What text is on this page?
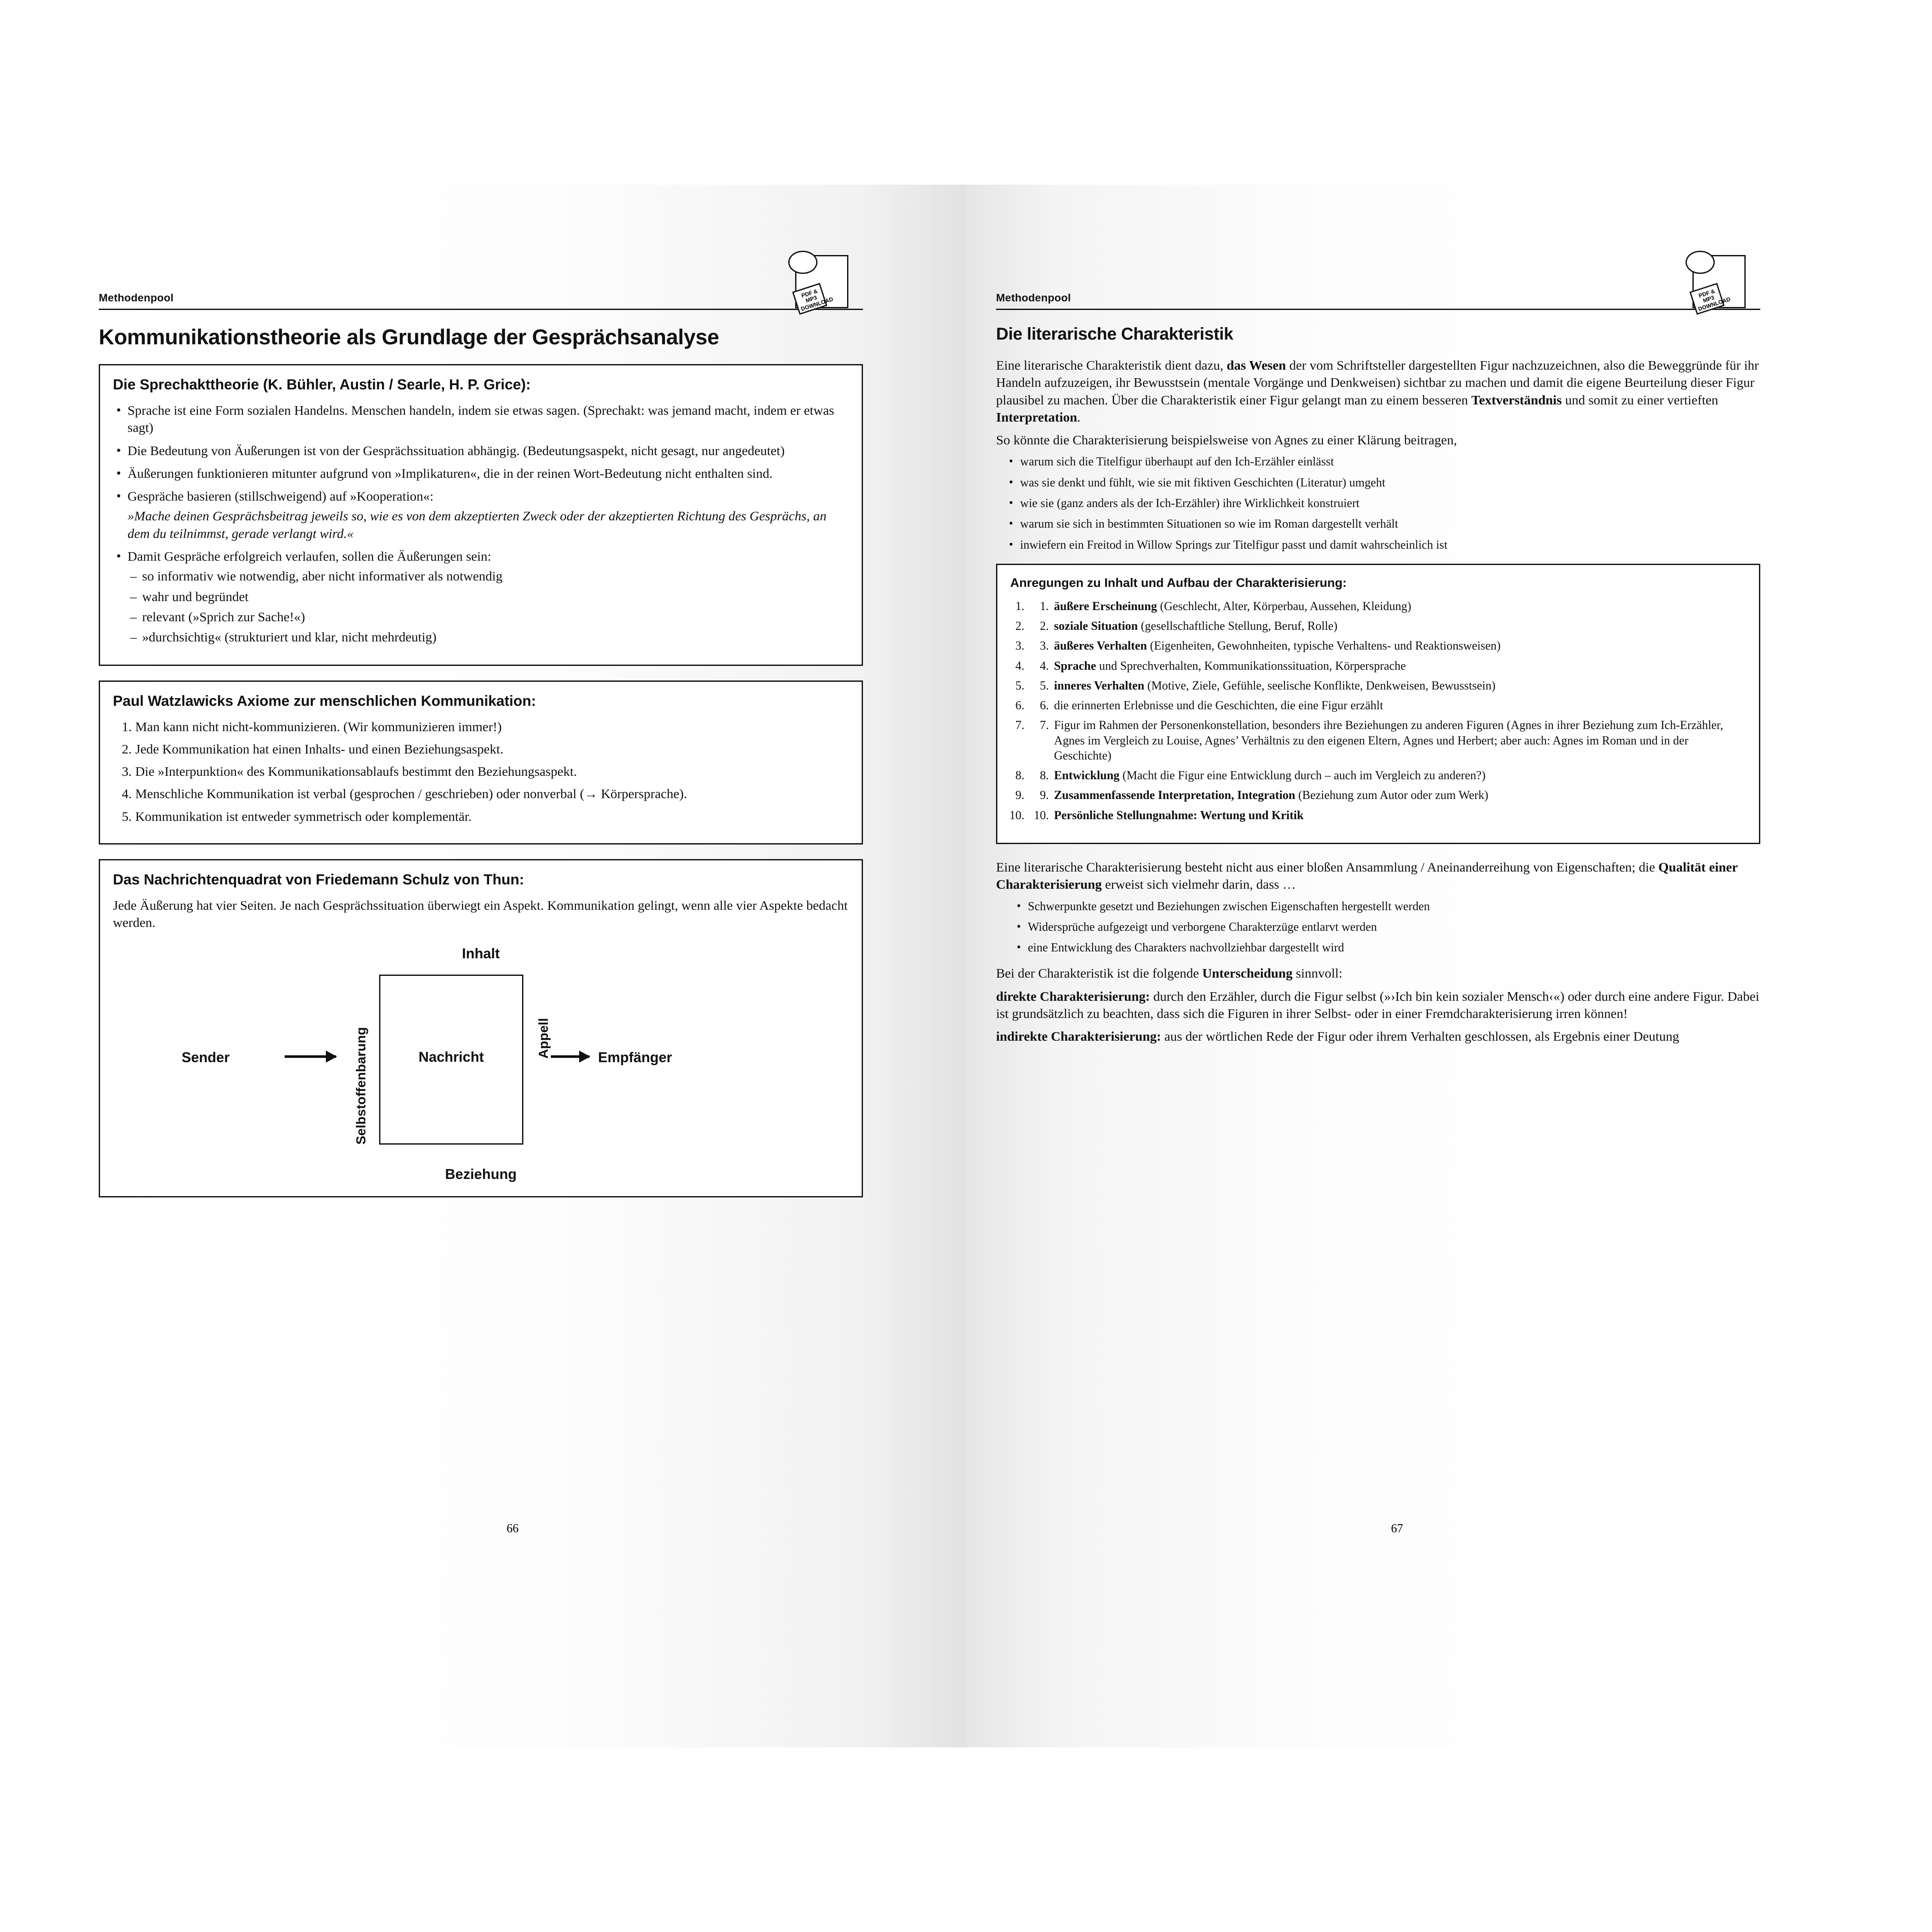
Methodenpool
Kommunikationstheorie als Grundlage der Gesprächsanalyse
Die Sprechakttheorie (K. Bühler, Austin / Searle, H. P. Grice):
• Sprache ist eine Form sozialen Handelns. Menschen handeln, indem sie etwas sagen. (Sprechakt: was jemand macht, indem er etwas sagt)
• Die Bedeutung von Äußerungen ist von der Gesprächssituation abhängig. (Bedeutungsaspekt, nicht gesagt, nur angedeutet)
• Äußerungen funktionieren mitunter aufgrund von »Implikaturen«, die in der reinen Wort-Bedeutung nicht enthalten sind.
• Gespräche basieren (stillschweigend) auf »Kooperation«:
»Mache deinen Gesprächsbeitrag jeweils so, wie es von dem akzeptierten Zweck oder der akzeptierten Richtung des Gesprächs, an dem du teilnimmst, gerade verlangt wird.«
• Damit Gespräche erfolgreich verlaufen, sollen die Äußerungen sein:
– so informativ wie notwendig, aber nicht informativer als notwendig
– wahr und begründet
– relevant (»Sprich zur Sache!«)
– »durchsichtig« (strukturiert und klar, nicht mehrdeutig)
Paul Watzlawicks Axiome zur menschlichen Kommunikation:
Man kann nicht nicht-kommunizieren. (Wir kommunizieren immer!)
Jede Kommunikation hat einen Inhalts- und einen Beziehungsaspekt.
Die »Interpunktion« des Kommunikationsablaufs bestimmt den Beziehungsaspekt.
Menschliche Kommunikation ist verbal (gesprochen / geschrieben) oder nonverbal (→ Körpersprache).
Kommunikation ist entweder symmetrisch oder komplementär.
Das Nachrichtenquadrat von Friedemann Schulz von Thun:

Jede Äußerung hat vier Seiten. Je nach Gesprächssituation überwiegt ein Aspekt. Kommunikation gelingt, wenn alle vier Aspekte bedacht werden.

Inhalt
Beziehung
Selbstoffenbarung	Appell
Nachricht
Sender	Empfänger
Methodenpool
Die literarische Charakteristik

Eine literarische Charakteristik dient dazu, das Wesen der vom Schriftsteller dargestellten Figur nachzuzeichnen, also die Beweggründe für ihr Handeln aufzuzeigen, ihr Bewusstsein (mentale Vorgänge und Denkweisen) sichtbar zu machen und damit die eigene Beurteilung dieser Figur plausibel zu machen. Über die Charakteristik einer Figur gelangt man zu einem besseren Textverständnis und somit zu einer vertieften Interpretation.

So könnte die Charakterisierung beispielsweise von Agnes zu einer Klärung beitragen,

• warum sich die Titelfigur überhaupt auf den Ich-Erzähler einlässt
• was sie denkt und fühlt, wie sie mit fiktiven Geschichten (Literatur) umgeht
• wie sie (ganz anders als der Ich-Erzähler) ihre Wirklichkeit konstruiert
• warum sie sich in bestimmten Situationen so wie im Roman dargestellt verhält
• inwiefern ein Freitod in Willow Springs zur Titelfigur passt und damit wahrscheinlich ist
Anregungen zu Inhalt und Aufbau der Charakterisierung:
1. äußere Erscheinung (Geschlecht, Alter, Körperbau, Aussehen, Kleidung)
2. soziale Situation (gesellschaftliche Stellung, Beruf, Rolle)
3. äußeres Verhalten (Eigenheiten, Gewohnheiten, typische Verhaltens- und Reaktionsweisen)
4. Sprache und Sprechverhalten, Kommunikationssituation, Körpersprache
5. inneres Verhalten (Motive, Ziele, Gefühle, seelische Konflikte, Denkweisen, Bewusstsein)
6. die erinnerten Erlebnisse und die Geschichten, die eine Figur erzählt
7. Figur im Rahmen der Personenkonstellation, besonders ihre Beziehungen zu anderen Figuren (Agnes in ihrer Beziehung zum Ich-Erzähler, Agnes im Vergleich zu Louise, Agnes’ Verhältnis zu den eigenen Eltern, Agnes und Herbert; aber auch: Agnes im Roman und in der Geschichte)
8. Entwicklung (Macht die Figur eine Entwicklung durch – auch im Vergleich zu anderen?)
9. Zusammenfassende Interpretation, Integration (Beziehung zum Autor oder zum Werk)
10. Persönliche Stellungnahme: Wertung und Kritik

Eine literarische Charakterisierung besteht nicht aus einer bloßen Ansammlung / Aneinanderreihung von Eigenschaften; die Qualität einer Charakterisierung erweist sich vielmehr darin, dass …

• Schwerpunkte gesetzt und Beziehungen zwischen Eigenschaften hergestellt werden
• Widersprüche aufgezeigt und verborgene Charakterzüge entlarvt werden
• eine Entwicklung des Charakters nachvollziehbar dargestellt wird

Bei der Charakteristik ist die folgende Unterscheidung sinnvoll:

direkte Charakterisierung: durch den Erzähler, durch die Figur selbst (»›Ich bin kein sozialer Mensch‹«) oder durch eine andere Figur. Dabei ist grundsätzlich zu beachten, dass sich die Figuren in ihrer Selbst- oder in einer Fremdcharakterisierung irren können!

indirekte Charakterisierung: aus der wörtlichen Rede der Figur oder ihrem Verhalten geschlossen, als Ergebnis einer Deutung

PDF & MP3 DOWNLOAD
PDF & MP3 DOWNLOAD
66	67
